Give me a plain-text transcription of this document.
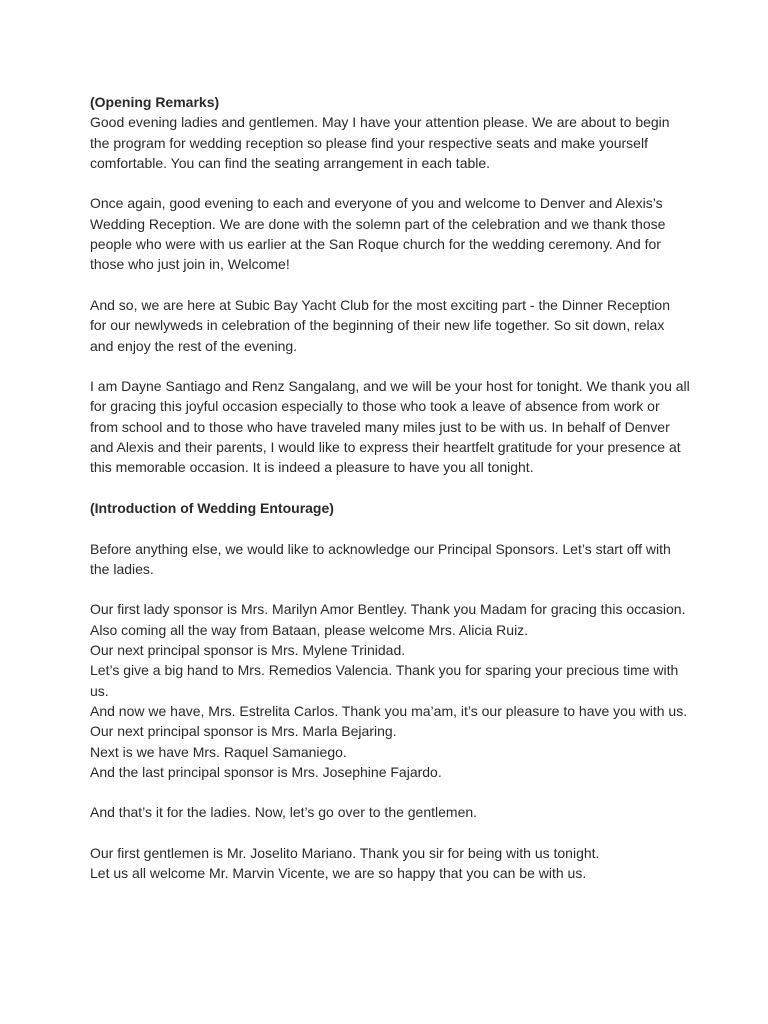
(Opening Remarks)
Good evening ladies and gentlemen. May I have your attention please. We are about to begin the program for wedding reception so please find your respective seats and make yourself comfortable. You can find the seating arrangement in each table.

Once again, good evening to each and everyone of you and welcome to Denver and Alexis’s Wedding Reception. We are done with the solemn part of the celebration and we thank those people who were with us earlier at the San Roque church for the wedding ceremony. And for those who just join in, Welcome!

And so, we are here at Subic Bay Yacht Club for the most exciting part - the Dinner Reception for our newlyweds in celebration of the beginning of their new life together. So sit down, relax and enjoy the rest of the evening.

I am Dayne Santiago and Renz Sangalang, and we will be your host for tonight. We thank you all for gracing this joyful occasion especially to those who took a leave of absence from work or from school and to those who have traveled many miles just to be with us. In behalf of Denver and Alexis and their parents, I would like to express their heartfelt gratitude for your presence at this memorable occasion. It is indeed a pleasure to have you all tonight.

(Introduction of Wedding Entourage)

Before anything else, we would like to acknowledge our Principal Sponsors. Let’s start off with the ladies.

Our first lady sponsor is Mrs. Marilyn Amor Bentley. Thank you Madam for gracing this occasion.
Also coming all the way from Bataan, please welcome Mrs. Alicia Ruiz.
Our next principal sponsor is Mrs. Mylene Trinidad.
Let’s give a big hand to Mrs. Remedios Valencia. Thank you for sparing your precious time with us.
And now we have, Mrs. Estrelita Carlos. Thank you ma’am, it’s our pleasure to have you with us.
Our next principal sponsor is Mrs. Marla Bejaring.
Next is we have Mrs. Raquel Samaniego.
And the last principal sponsor is Mrs. Josephine Fajardo.

And that’s it for the ladies. Now, let’s go over to the gentlemen.

Our first gentlemen is Mr. Joselito Mariano. Thank you sir for being with us tonight.
Let us all welcome Mr. Marvin Vicente, we are so happy that you can be with us.
